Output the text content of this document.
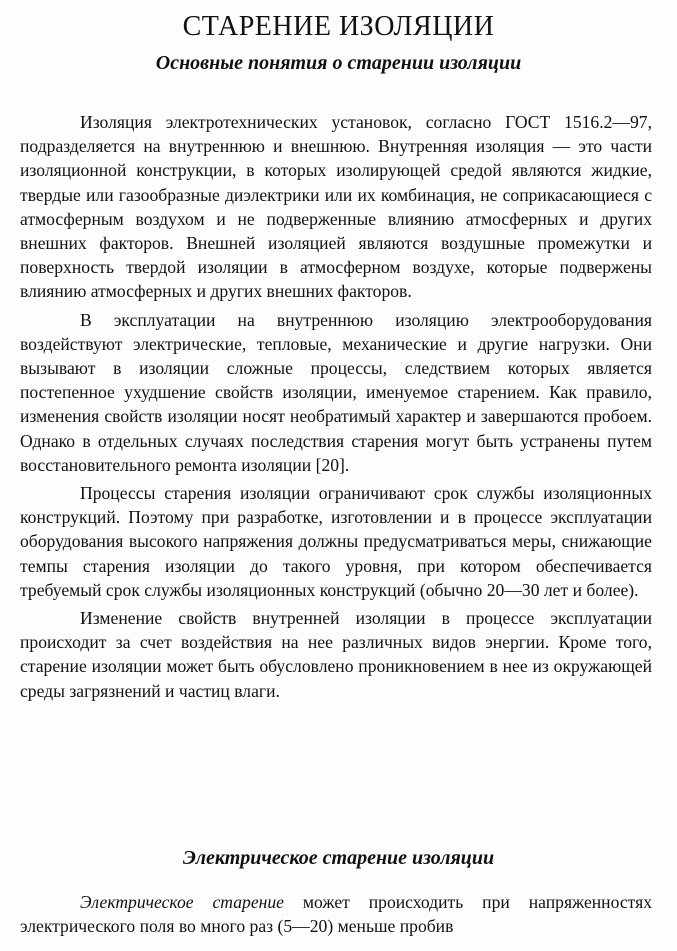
СТАРЕНИЕ ИЗОЛЯЦИИ
Основные понятия о старении изоляции

Изоляция электротехнических установок, согласно ГОСТ 1516.2—97, подразделяется на внутреннюю и внешнюю. Внутренняя изоляция — это части изоляционной конструкции, в которых изолирующей средой являются жидкие, твердые или газообразные диэлектрики или их комбинация, не соприкасающиеся с атмосферным воздухом и не подверженные влиянию атмосферных и других внешних факторов. Внешней изоляцией являются воздушные промежутки и поверхность твердой изоляции в атмосферном воздухе, которые подвержены влиянию атмосферных и других внешних факторов.

В эксплуатации на внутреннюю изоляцию электрооборудования воздействуют электрические, тепловые, механические и другие нагрузки. Они вызывают в изоляции сложные процессы, следствием которых является постепенное ухудшение свойств изоляции, именуемое старением. Как правило, изменения свойств изоляции носят необратимый характер и завершаются пробоем. Однако в отдельных случаях последствия старения могут быть устранены путем восстановительного ремонта изоляции [20].

Процессы старения изоляции ограничивают срок службы изоляционных конструкций. Поэтому при разработке, изготовлении и в процессе эксплуатации оборудования высокого напряжения должны предусматриваться меры, снижающие темпы старения изоляции до такого уровня, при котором обеспечивается требуемый срок службы изоляционных конструкций (обычно 20—30 лет и более).

Изменение свойств внутренней изоляции в процессе эксплуатации происходит за счет воздействия на нее различных видов энергии. Кроме того, старение изоляции может быть обусловлено проникновением в нее из окружающей среды загрязнений и частиц влаги.

Электрическое старение изоляции

Электрическое старение может происходить при напряженностях электрического поля во много раз (5—20) меньше пробив
